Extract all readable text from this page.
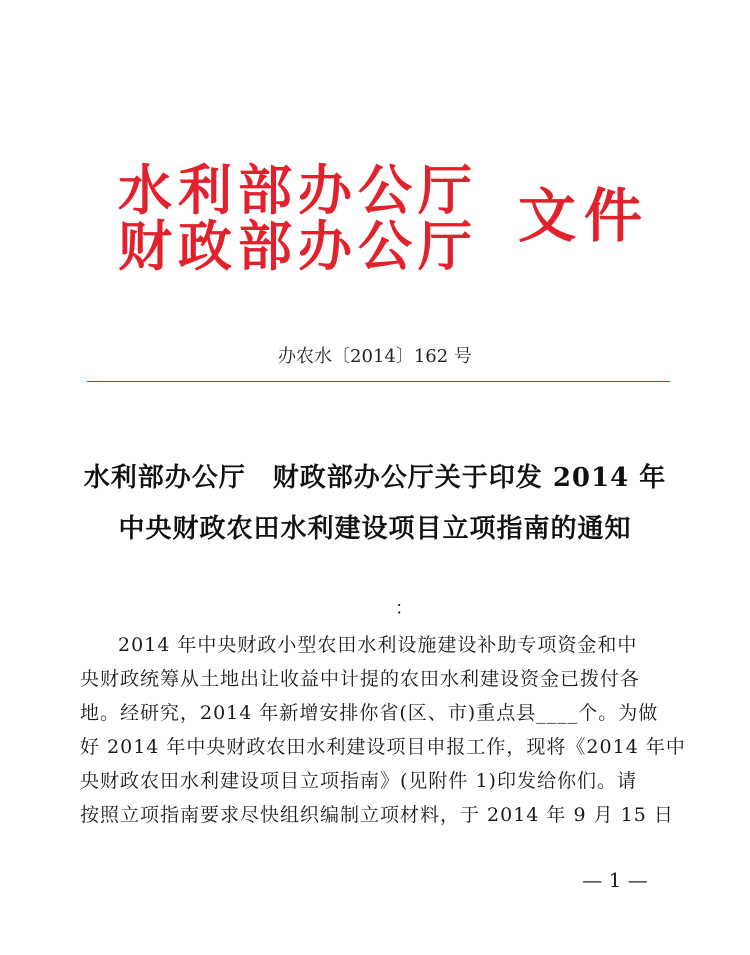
水利部办公厅
财政部办公厅 文件
办农水〔2014〕162 号
水利部办公厅　财政部办公厅关于印发 2014 年
中央财政农田水利建设项目立项指南的通知
：
2014 年中央财政小型农田水利设施建设补助专项资金和中
央财政统筹从土地出让收益中计提的农田水利建设资金已拨付各
地。经研究，2014 年新增安排你省(区、市)重点县____个。为做
好 2014 年中央财政农田水利建设项目申报工作，现将《2014 年中
央财政农田水利建设项目立项指南》(见附件 1)印发给你们。请
按照立项指南要求尽快组织编制立项材料，于 2014 年 9 月 15 日
— 1 —
